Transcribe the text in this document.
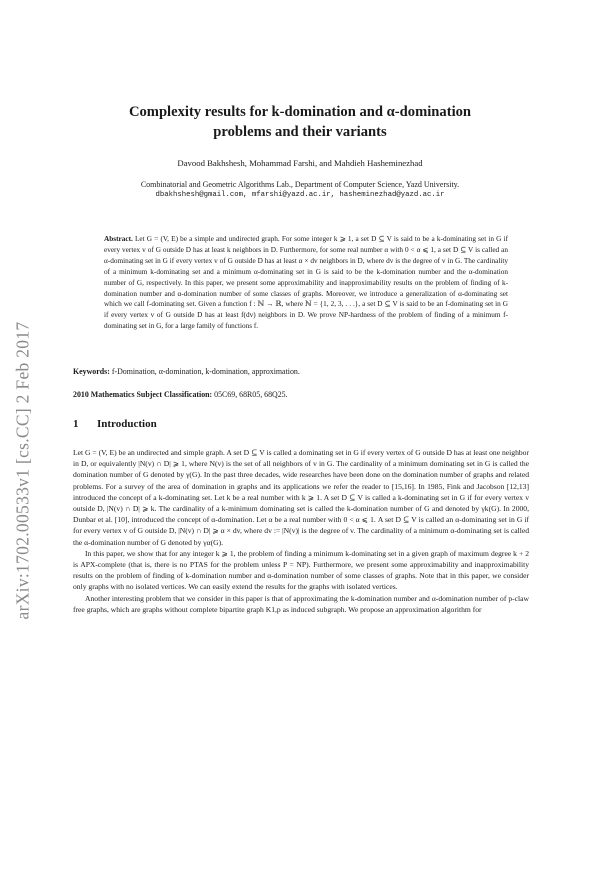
arXiv:1702.00533v1 [cs.CC] 2 Feb 2017
Complexity results for k-domination and α-domination
problems and their variants
Davood Bakhshesh, Mohammad Farshi, and Mahdieh Hasheminezhad
Combinatorial and Geometric Algorithms Lab., Department of Computer Science, Yazd University.
dbakhshesh@gmail.com, mfarshi@yazd.ac.ir, hasheminezhad@yazd.ac.ir
Abstract. Let G = (V, E) be a simple and undirected graph. For some integer k ⩾ 1, a set D ⊆ V is said to be a k-dominating set in G if every vertex v of G outside D has at least k neighbors in D. Furthermore, for some real number α with 0 < α ⩽ 1, a set D ⊆ V is called an α-dominating set in G if every vertex v of G outside D has at least α × dv neighbors in D, where dv is the degree of v in G. The cardinality of a minimum k-dominating set and a minimum α-dominating set in G is said to be the k-domination number and the α-domination number of G, respectively. In this paper, we present some approximability and inapproximability results on the problem of finding of k-domination number and α-domination number of some classes of graphs. Moreover, we introduce a generalization of α-dominating set which we call f-dominating set. Given a function f : ℕ → ℝ, where ℕ = {1, 2, 3, . . .}, a set D ⊆ V is said to be an f-dominating set in G if every vertex v of G outside D has at least f(dv) neighbors in D. We prove NP-hardness of the problem of finding of a minimum f-dominating set in G, for a large family of functions f.
Keywords: f-Domination, α-domination, k-domination, approximation.
2010 Mathematics Subject Classification: 05C69, 68R05, 68Q25.
1 Introduction

Let G = (V, E) be an undirected and simple graph. A set D ⊆ V is called a dominating set in G if every vertex of G outside D has at least one neighbor in D, or equivalently |N(v) ∩ D| ⩾ 1, where N(v) is the set of all neighbors of v in G. The cardinality of a minimum dominating set in G is called the domination number of G denoted by γ(G). In the past three decades, wide researches have been done on the domination number of graphs and related problems. For a survey of the area of domination in graphs and its applications we refer the reader to [15,16]. In 1985, Fink and Jacobson [12,13] introduced the concept of a k-dominating set. Let k be a real number with k ⩾ 1. A set D ⊆ V is called a k-dominating set in G if for every vertex v outside D, |N(v) ∩ D| ⩾ k. The cardinality of a k-minimum dominating set is called the k-domination number of G and denoted by γk(G). In 2000, Dunbar et al. [10], introduced the concept of α-domination. Let α be a real number with 0 < α ⩽ 1. A set D ⊆ V is called an α-dominating set in G if for every vertex v of G outside D, |N(v) ∩ D| ⩾ α × dv, where dv := |N(v)| is the degree of v. The cardinality of a minimum α-dominating set is called the α-domination number of G denoted by γα(G).

In this paper, we show that for any integer k ⩾ 1, the problem of finding a minimum k-dominating set in a given graph of maximum degree k + 2 is APX-complete (that is, there is no PTAS for the problem unless P = NP). Furthermore, we present some approximability and inapproximability results on the problem of finding of k-domination number and α-domination number of some classes of graphs. Note that in this paper, we consider only graphs with no isolated vertices. We can easily extend the results for the graphs with isolated vertices.

Another interesting problem that we consider in this paper is that of approximating the k-domination number and α-domination number of p-claw free graphs, which are graphs without complete bipartite graph K1,p as induced subgraph. We propose an approximation algorithm for
